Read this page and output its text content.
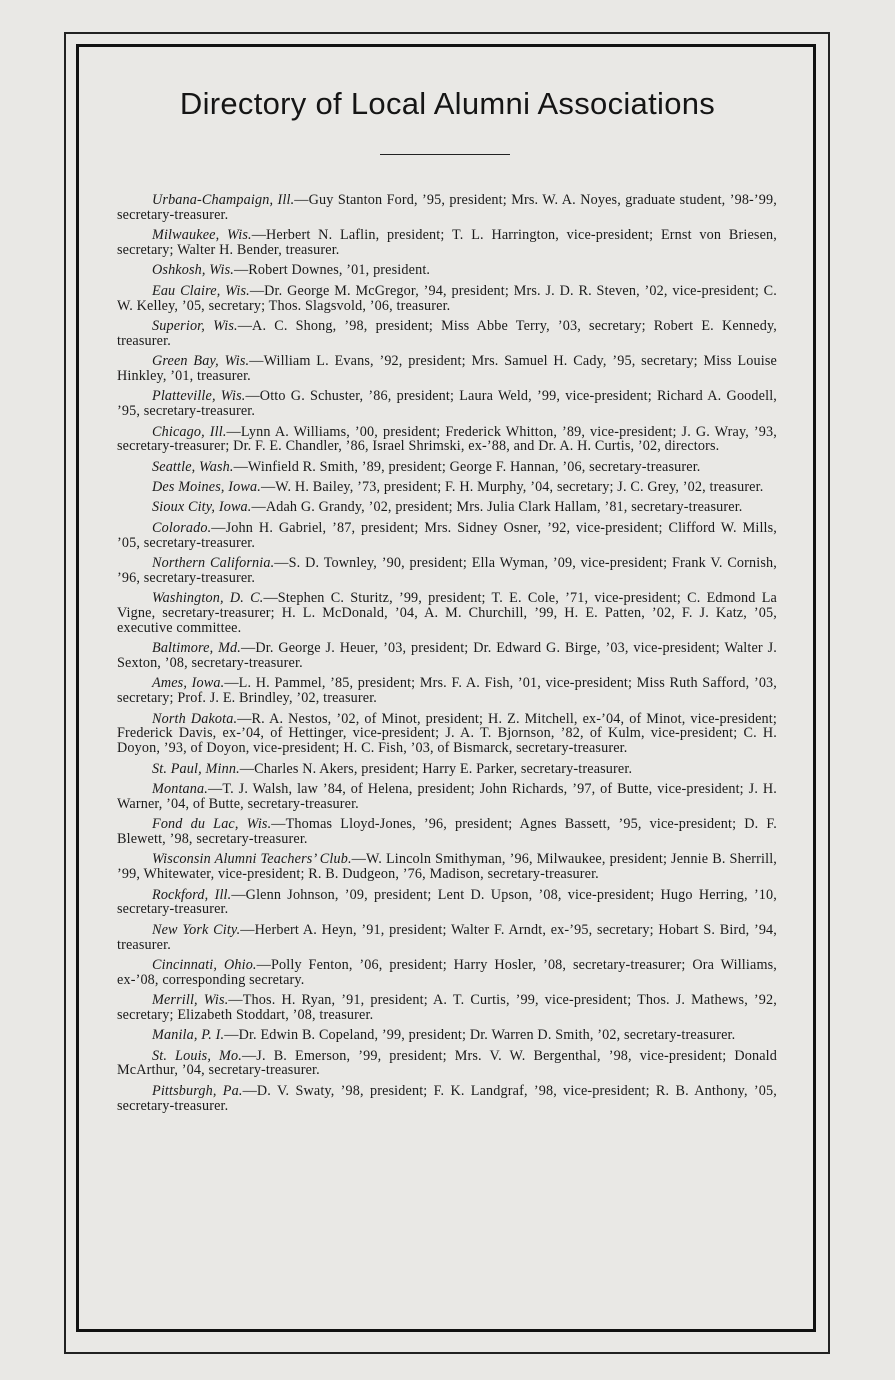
Directory of Local Alumni Associations

Urbana-Champaign, Ill.—Guy Stanton Ford, ’95, president; Mrs. W. A. Noyes, graduate student, ’98-’99, secretary-treasurer.

Milwaukee, Wis.—Herbert N. Laflin, president; T. L. Harrington, vice-president; Ernst von Briesen, secretary; Walter H. Bender, treasurer.

Oshkosh, Wis.—Robert Downes, ’01, president.

Eau Claire, Wis.—Dr. George M. McGregor, ’94, president; Mrs. J. D. R. Steven, ’02, vice-president; C. W. Kelley, ’05, secretary; Thos. Slagsvold, ’06, treasurer.

Superior, Wis.—A. C. Shong, ’98, president; Miss Abbe Terry, ’03, secretary; Robert E. Kennedy, treasurer.

Green Bay, Wis.—William L. Evans, ’92, president; Mrs. Samuel H. Cady, ’95, secretary; Miss Louise Hinkley, ’01, treasurer.

Platteville, Wis.—Otto G. Schuster, ’86, president; Laura Weld, ’99, vice-president; Richard A. Goodell, ’95, secretary-treasurer.

Chicago, Ill.—Lynn A. Williams, ’00, president; Frederick Whitton, ’89, vice-president; J. G. Wray, ’93, secretary-treasurer; Dr. F. E. Chandler, ’86, Israel Shrimski, ex-’88, and Dr. A. H. Curtis, ’02, directors.

Seattle, Wash.—Winfield R. Smith, ’89, president; George F. Hannan, ’06, secretary-treasurer.

Des Moines, Iowa.—W. H. Bailey, ’73, president; F. H. Murphy, ’04, secretary; J. C. Grey, ’02, treasurer.

Sioux City, Iowa.—Adah G. Grandy, ’02, president; Mrs. Julia Clark Hallam, ’81, secretary-treasurer.

Colorado.—John H. Gabriel, ’87, president; Mrs. Sidney Osner, ’92, vice-president; Clifford W. Mills, ’05, secretary-treasurer.

Northern California.—S. D. Townley, ’90, president; Ella Wyman, ’09, vice-president; Frank V. Cornish, ’96, secretary-treasurer.

Washington, D. C.—Stephen C. Sturitz, ’99, president; T. E. Cole, ’71, vice-president; C. Edmond La Vigne, secretary-treasurer; H. L. McDonald, ’04, A. M. Churchill, ’99, H. E. Patten, ’02, F. J. Katz, ’05, executive committee.

Baltimore, Md.—Dr. George J. Heuer, ’03, president; Dr. Edward G. Birge, ’03, vice-president; Walter J. Sexton, ’08, secretary-treasurer.

Ames, Iowa.—L. H. Pammel, ’85, president; Mrs. F. A. Fish, ’01, vice-president; Miss Ruth Safford, ’03, secretary; Prof. J. E. Brindley, ’02, treasurer.

North Dakota.—R. A. Nestos, ’02, of Minot, president; H. Z. Mitchell, ex-’04, of Minot, vice-president; Frederick Davis, ex-’04, of Hettinger, vice-president; J. A. T. Bjornson, ’82, of Kulm, vice-president; C. H. Doyon, ’93, of Doyon, vice-president; H. C. Fish, ’03, of Bismarck, secretary-treasurer.

St. Paul, Minn.—Charles N. Akers, president; Harry E. Parker, secretary-treasurer.

Montana.—T. J. Walsh, law ’84, of Helena, president; John Richards, ’97, of Butte, vice-president; J. H. Warner, ’04, of Butte, secretary-treasurer.

Fond du Lac, Wis.—Thomas Lloyd-Jones, ’96, president; Agnes Bassett, ’95, vice-president; D. F. Blewett, ’98, secretary-treasurer.

Wisconsin Alumni Teachers’ Club.—W. Lincoln Smithyman, ’96, Milwaukee, president; Jennie B. Sherrill, ’99, Whitewater, vice-president; R. B. Dudgeon, ’76, Madison, secretary-treasurer.

Rockford, Ill.—Glenn Johnson, ’09, president; Lent D. Upson, ’08, vice-president; Hugo Herring, ’10, secretary-treasurer.

New York City.—Herbert A. Heyn, ’91, president; Walter F. Arndt, ex-’95, secretary; Hobart S. Bird, ’94, treasurer.

Cincinnati, Ohio.—Polly Fenton, ’06, president; Harry Hosler, ’08, secretary-treasurer; Ora Williams, ex-’08, corresponding secretary.

Merrill, Wis.—Thos. H. Ryan, ’91, president; A. T. Curtis, ’99, vice-president; Thos. J. Mathews, ’92, secretary; Elizabeth Stoddart, ’08, treasurer.

Manila, P. I.—Dr. Edwin B. Copeland, ’99, president; Dr. Warren D. Smith, ’02, secretary-treasurer.

St. Louis, Mo.—J. B. Emerson, ’99, president; Mrs. V. W. Bergenthal, ’98, vice-president; Donald McArthur, ’04, secretary-treasurer.

Pittsburgh, Pa.—D. V. Swaty, ’98, president; F. K. Landgraf, ’98, vice-president; R. B. Anthony, ’05, secretary-treasurer.
